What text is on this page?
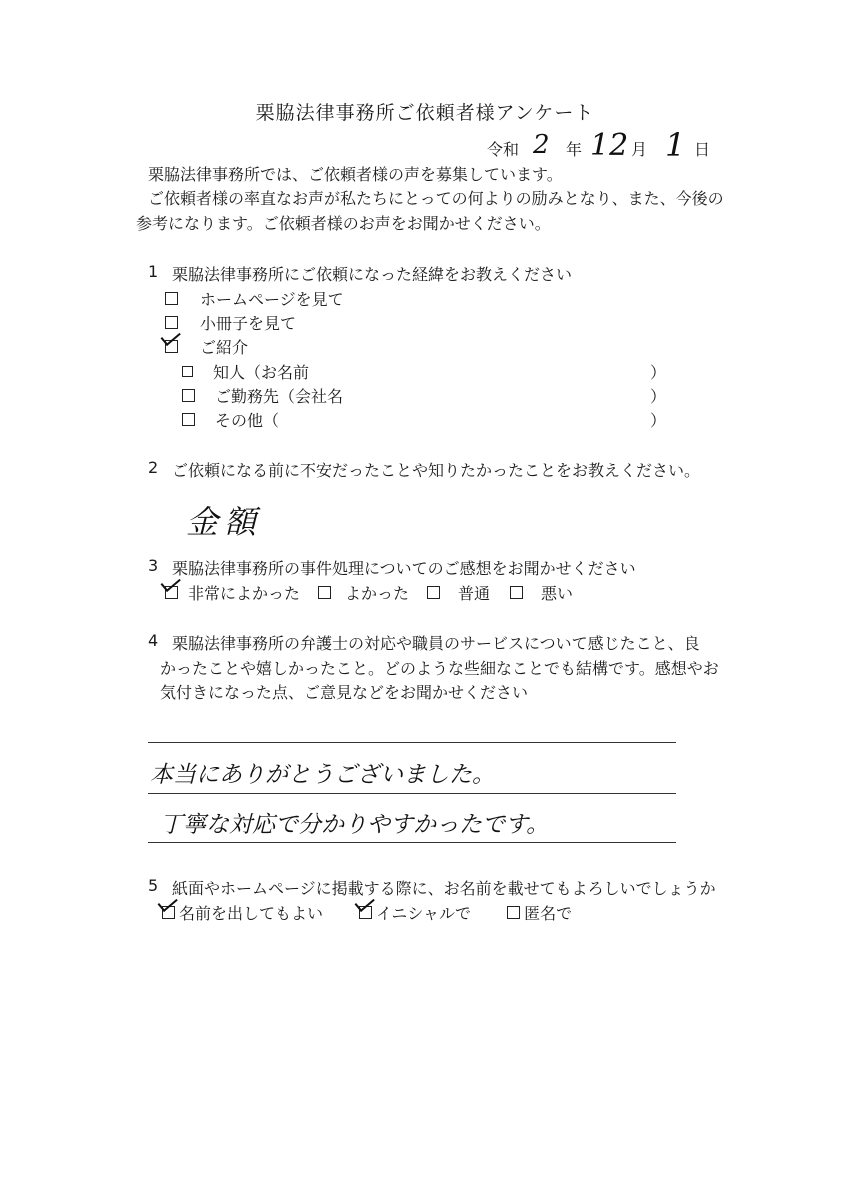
栗脇法律事務所ご依頼者様アンケート
令和 2 年 12 月 1 日
栗脇法律事務所では、ご依頼者様の声を募集しています。
ご依頼者様の率直なお声が私たちにとっての何よりの励みとなり、また、今後の
参考になります。ご依頼者様のお声をお聞かせください。
1 栗脇法律事務所にご依頼になった経緯をお教えください
ホームページを見て
小冊子を見て
ご紹介
知人（お名前	）
ご勤務先（会社名	）
その他（	）
2 ご依頼になる前に不安だったことや知りたかったことをお教えください。
金額
3 栗脇法律事務所の事件処理についてのご感想をお聞かせください
非常によかった	よかった	普通	悪い
4 栗脇法律事務所の弁護士の対応や職員のサービスについて感じたこと、良
かったことや嬉しかったこと。どのような些細なことでも結構です。感想やお
気付きになった点、ご意見などをお聞かせください
本当にありがとうございました。
丁寧な対応で分かりやすかったです。
5 紙面やホームページに掲載する際に、お名前を載せてもよろしいでしょうか
名前を出してもよい	イニシャルで	匿名で
